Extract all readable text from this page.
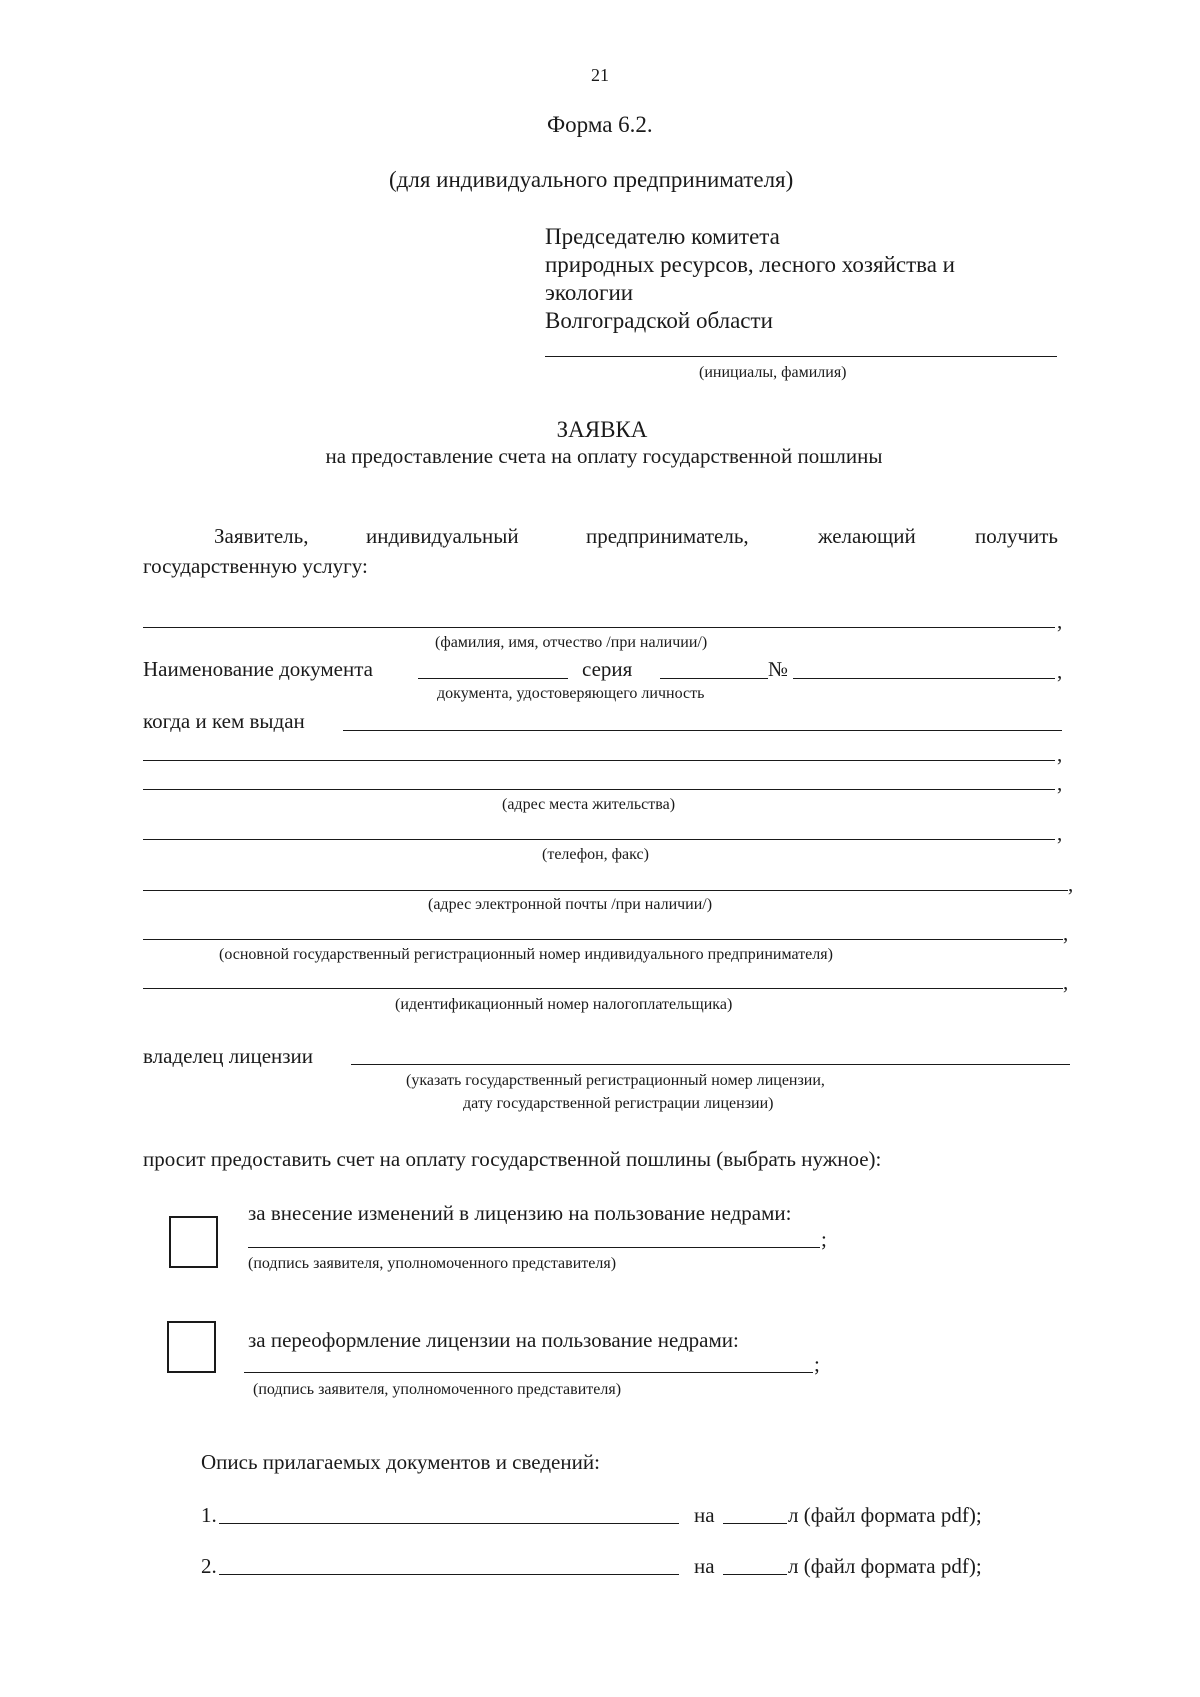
21
Форма 6.2.
(для индивидуального предпринимателя)
Председателю комитета
природных ресурсов, лесного хозяйства и
экологии
Волгоградской области
(инициалы, фамилия)
ЗАЯВКА
на предоставление счета на оплату государственной пошлины
Заявитель,	индивидуальный	предприниматель,	желающий	получить
государственную услугу:
,
(фамилия, имя, отчество /при наличии/)
Наименование документа	серия	№	,
документа, удостоверяющего личность
когда и кем выдан
,
,
(адрес места жительства)
,
(телефон, факс)
,
(адрес электронной почты /при наличии/)
,
(основной государственный регистрационный номер индивидуального предпринимателя)
,
(идентификационный номер налогоплательщика)
владелец лицензии
(указать государственный регистрационный номер лицензии,
дату государственной регистрации лицензии)
просит предоставить счет на оплату государственной пошлины (выбрать нужное):
за внесение изменений в лицензию на пользование недрами:
;
(подпись заявителя, уполномоченного представителя)
за переоформление лицензии на пользование недрами:
;
(подпись заявителя, уполномоченного представителя)
Опись прилагаемых документов и сведений:
1.	на	л (файл формата pdf);
2.	на	л (файл формата pdf);
